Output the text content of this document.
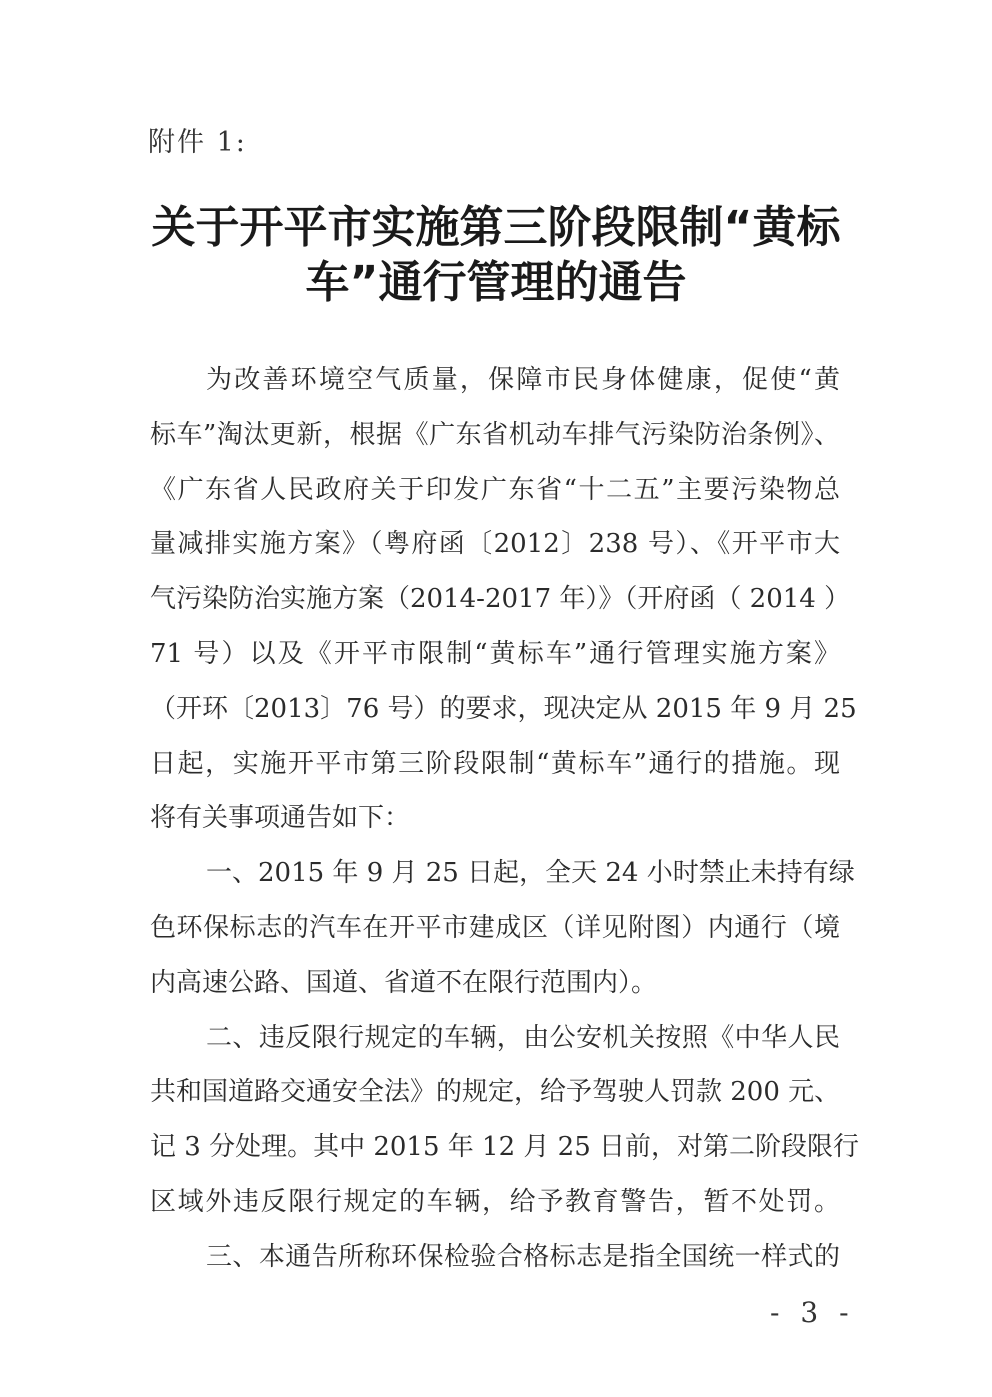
附件 1:
关于开平市实施第三阶段限制“黄标
车”通行管理的通告
为改善环境空气质量，保障市民身体健康，促使“黄
标车”淘汰更新，根据《广东省机动车排气污染防治条例》、
《广东省人民政府关于印发广东省“十二五”主要污染物总
量减排实施方案》（粤府函〔2012〕238 号）、《开平市大
气污染防治实施方案（2014-2017 年）》（开府函（ 2014 ）
71 号）以及《开平市限制“黄标车”通行管理实施方案》
（开环〔2013〕76 号）的要求，现决定从 2015 年 9 月 25
日起，实施开平市第三阶段限制“黄标车”通行的措施。现
将有关事项通告如下：
一、2015 年 9 月 25 日起，全天 24 小时禁止未持有绿
色环保标志的汽车在开平市建成区（详见附图）内通行（境
内高速公路、国道、省道不在限行范围内）。
二、违反限行规定的车辆，由公安机关按照《中华人民
共和国道路交通安全法》的规定，给予驾驶人罚款 200 元、
记 3 分处理。其中 2015 年 12 月 25 日前，对第二阶段限行
区域外违反限行规定的车辆，给予教育警告，暂不处罚。
三、本通告所称环保检验合格标志是指全国统一样式的
- 3 -
